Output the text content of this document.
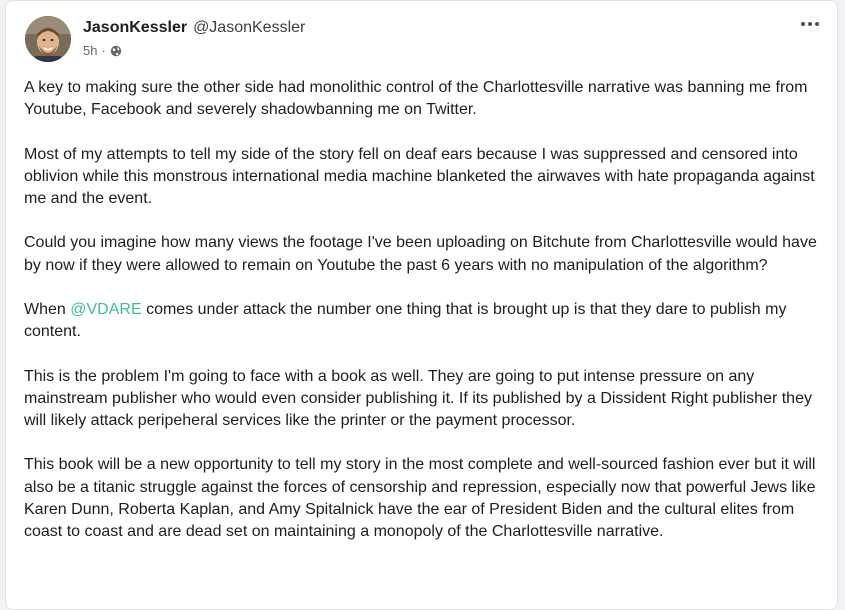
JasonKessler @JasonKessler
5h ·

A key to making sure the other side had monolithic control of the Charlottesville narrative was banning me from Youtube, Facebook and severely shadowbanning me on Twitter.

Most of my attempts to tell my side of the story fell on deaf ears because I was suppressed and censored into oblivion while this monstrous international media machine blanketed the airwaves with hate propaganda against me and the event.

Could you imagine how many views the footage I've been uploading on Bitchute from Charlottesville would have by now if they were allowed to remain on Youtube the past 6 years with no manipulation of the algorithm?

When @VDARE comes under attack the number one thing that is brought up is that they dare to publish my content.

This is the problem I'm going to face with a book as well. They are going to put intense pressure on any mainstream publisher who would even consider publishing it. If its published by a Dissident Right publisher they will likely attack peripeheral services like the printer or the payment processor.

This book will be a new opportunity to tell my story in the most complete and well-sourced fashion ever but it will also be a titanic struggle against the forces of censorship and repression, especially now that powerful Jews like Karen Dunn, Roberta Kaplan, and Amy Spitalnick have the ear of President Biden and the cultural elites from coast to coast and are dead set on maintaining a monopoly of the Charlottesville narrative.
